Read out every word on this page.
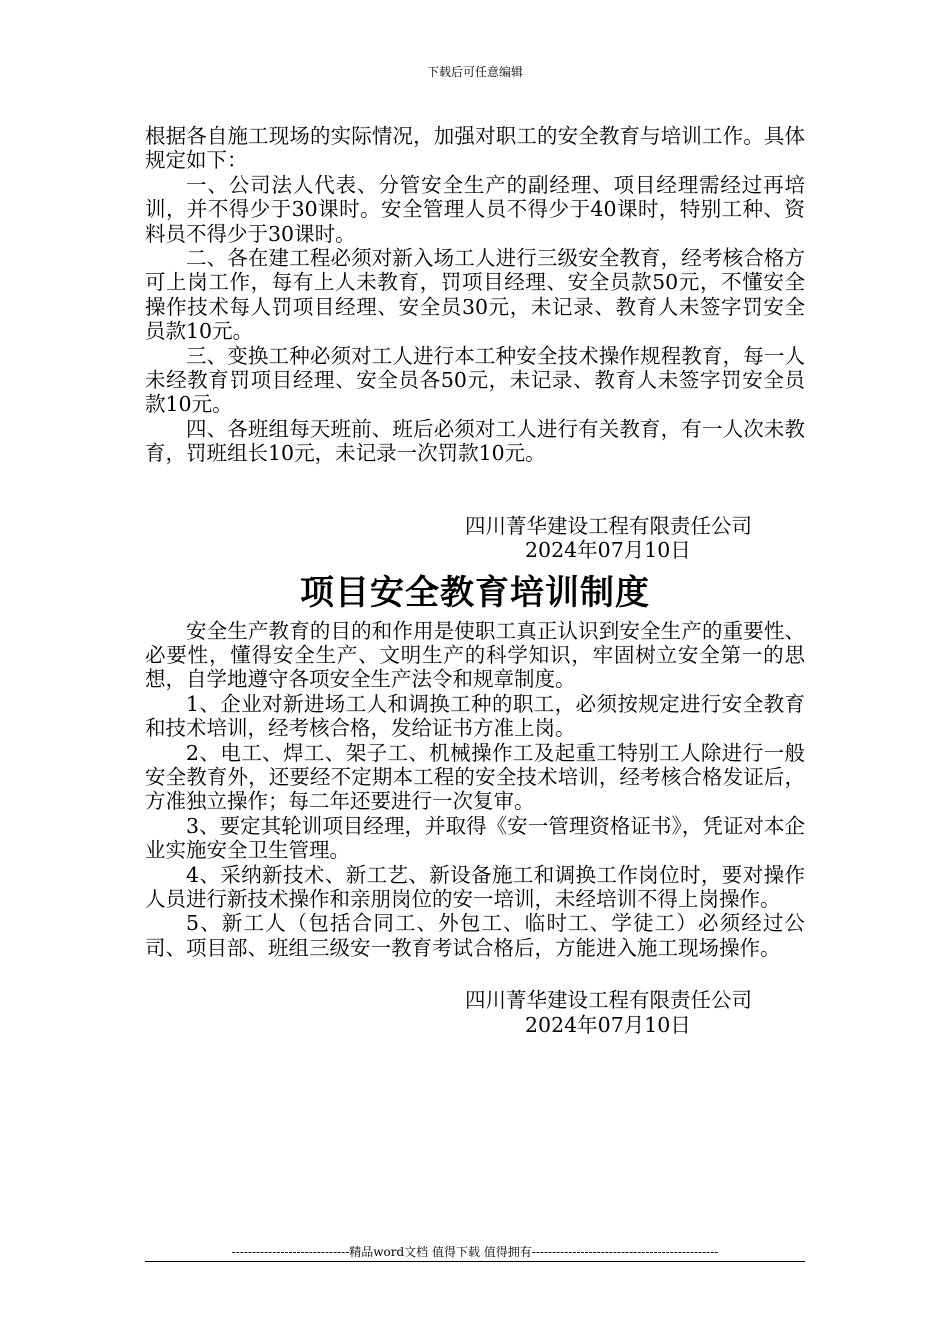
下载后可任意编辑

根据各自施工现场的实际情况，加强对职工的安全教育与培训工作。具体规定如下：

一、公司法人代表、分管安全生产的副经理、项目经理需经过再培训，并不得少于30课时。安全管理人员不得少于40课时，特别工种、资料员不得少于30课时。

二、各在建工程必须对新入场工人进行三级安全教育，经考核合格方可上岗工作，每有上人未教育，罚项目经理、安全员款50元，不懂安全操作技术每人罚项目经理、安全员30元，未记录、教育人未签字罚安全员款10元。

三、变换工种必须对工人进行本工种安全技术操作规程教育，每一人未经教育罚项目经理、安全员各50元，未记录、教育人未签字罚安全员款10元。

四、各班组每天班前、班后必须对工人进行有关教育，有一人次未教育，罚班组长10元，未记录一次罚款10元。

四川菁华建设工程有限责任公司
2024年07月10日
项目安全教育培训制度

安全生产教育的目的和作用是使职工真正认识到安全生产的重要性、必要性，懂得安全生产、文明生产的科学知识，牢固树立安全第一的思想，自学地遵守各项安全生产法令和规章制度。

1、企业对新进场工人和调换工种的职工，必须按规定进行安全教育和技术培训，经考核合格，发给证书方准上岗。

2、电工、焊工、架子工、机械操作工及起重工特别工人除进行一般安全教育外，还要经不定期本工程的安全技术培训，经考核合格发证后，方准独立操作；每二年还要进行一次复审。

3、要定其轮训项目经理，并取得《安一管理资格证书》，凭证对本企业实施安全卫生管理。

4、采纳新技术、新工艺、新设备施工和调换工作岗位时，要对操作人员进行新技术操作和亲朋岗位的安一培训，未经培训不得上岗操作。

5、新工人（包括合同工、外包工、临时工、学徒工）必须经过公司、项目部、班组三级安一教育考试合格后，方能进入施工现场操作。

四川菁华建设工程有限责任公司
2024年07月10日
-----------------------------精品word文档 值得下载 值得拥有----------------------------------------------
